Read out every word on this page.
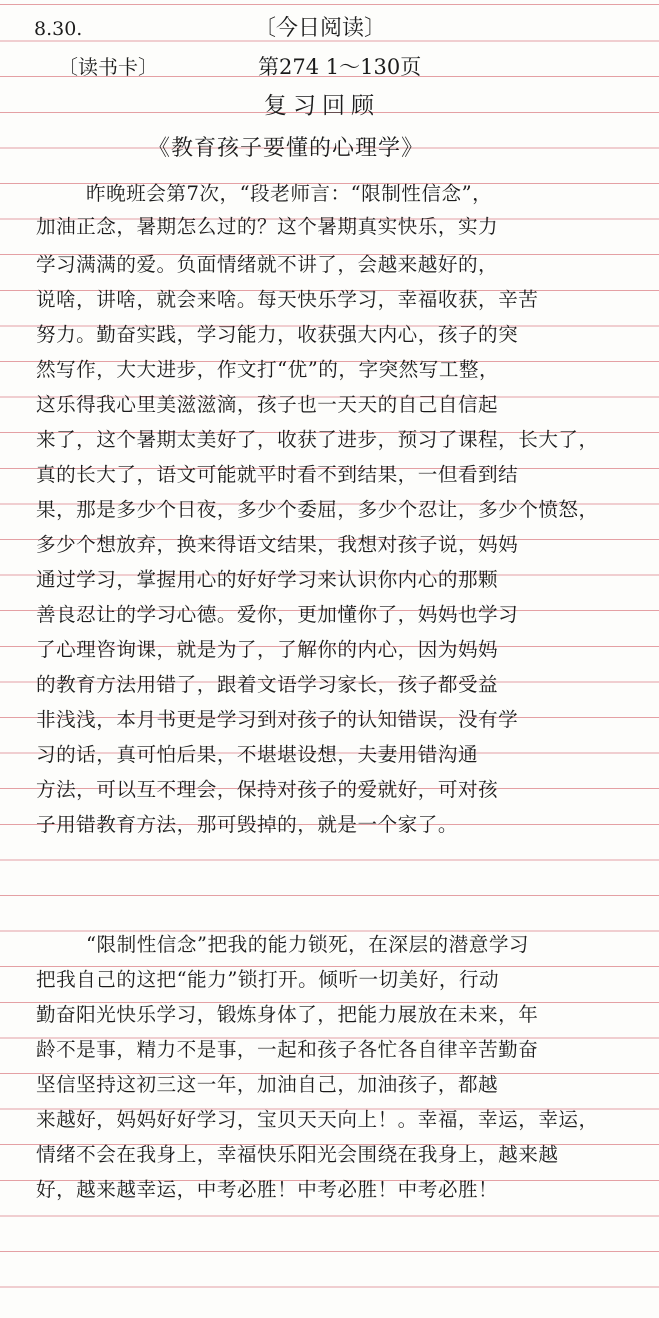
8.30.	〔今日阅读〕
〔读书卡〕	第274 1～130页
复习回顾
《教育孩子要懂的心理学》
昨晚班会第7次，“段老师言：“限制性信念”，
加油正念，暑期怎么过的？这个暑期真实快乐，实力
学习满满的爱。负面情绪就不讲了，会越来越好的，
说啥，讲啥，就会来啥。每天快乐学习，幸福收获，辛苦
努力。勤奋实践，学习能力，收获强大内心，孩子的突
然写作，大大进步，作文打“优”的，字突然写工整，
这乐得我心里美滋滋滴，孩子也一天天的自己自信起
来了，这个暑期太美好了，收获了进步，预习了课程，长大了，
真的长大了，语文可能就平时看不到结果，一但看到结
果，那是多少个日夜，多少个委屈，多少个忍让，多少个愤怒，
多少个想放弃，换来得语文结果，我想对孩子说，妈妈
通过学习，掌握用心的好好学习来认识你内心的那颗
善良忍让的学习心德。爱你，更加懂你了，妈妈也学习
了心理咨询课，就是为了，了解你的内心，因为妈妈
的教育方法用错了，跟着文语学习家长，孩子都受益
非浅浅，本月书更是学习到对孩子的认知错误，没有学
习的话，真可怕后果，不堪堪设想，夫妻用错沟通
方法，可以互不理会，保持对孩子的爱就好，可对孩
子用错教育方法，那可毁掉的，就是一个家了。
“限制性信念”把我的能力锁死，在深层的潜意学习
把我自己的这把“能力”锁打开。倾听一切美好，行动
勤奋阳光快乐学习，锻炼身体了，把能力展放在未来，年
龄不是事，精力不是事，一起和孩子各忙各自律辛苦勤奋
坚信坚持这初三这一年，加油自己，加油孩子，都越
来越好，妈妈好好学习，宝贝天天向上！。幸福，幸运，幸运，
情绪不会在我身上，幸福快乐阳光会围绕在我身上，越来越
好，越来越幸运，中考必胜！中考必胜！中考必胜！
